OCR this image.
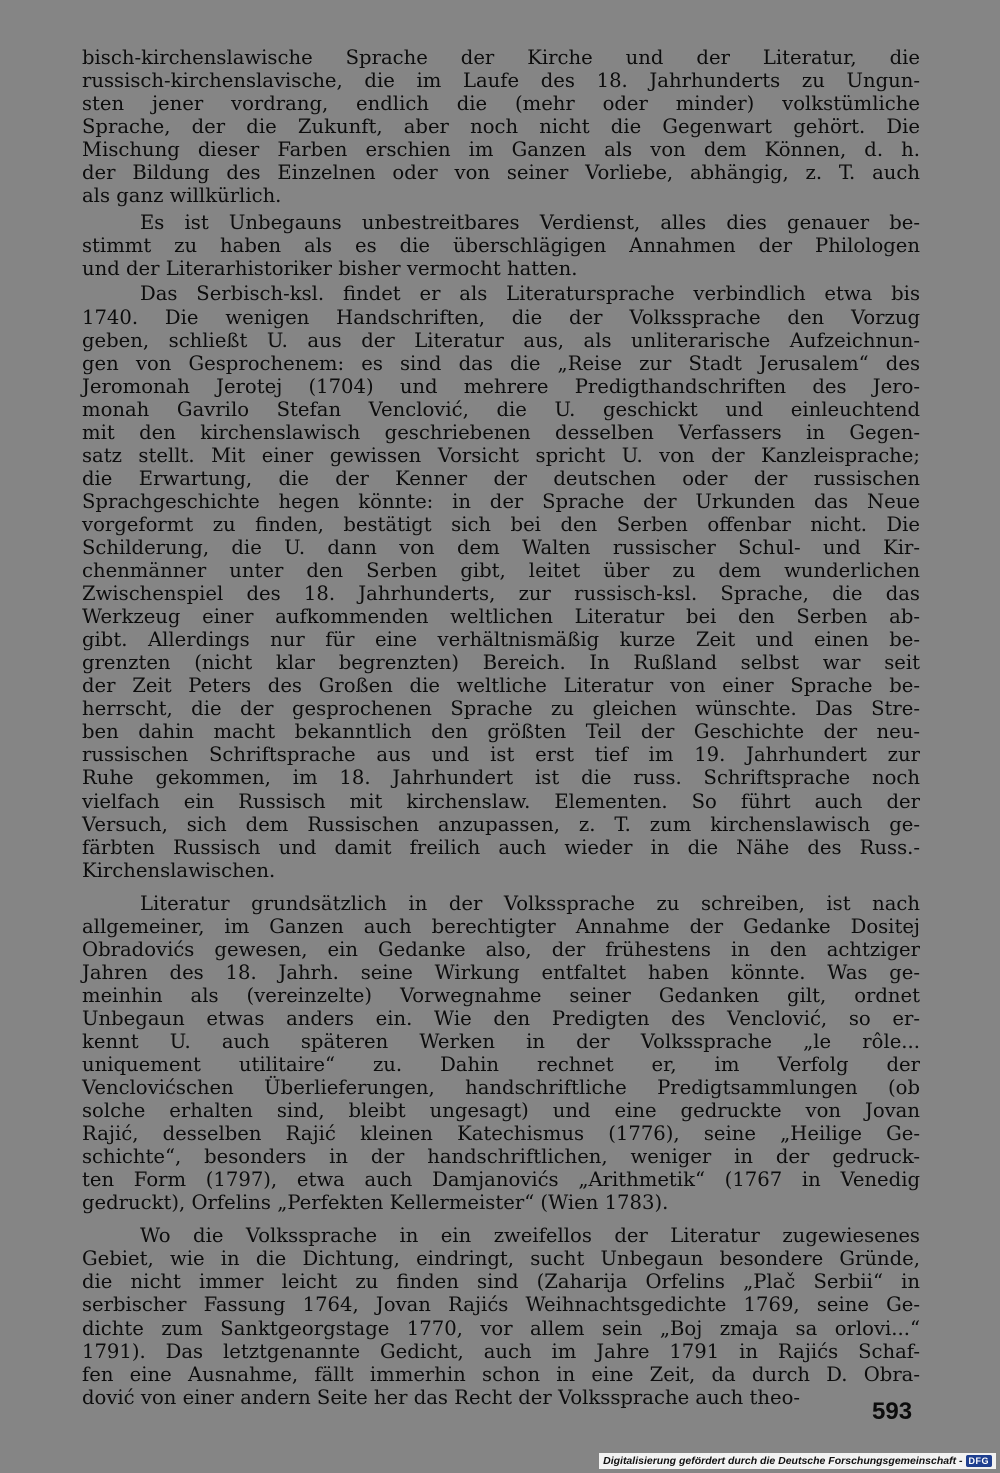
bisch-kirchenslawische Sprache der Kirche und der Literatur, die
russisch-kirchenslavische, die im Laufe des 18. Jahrhunderts zu Ungun-
sten jener vordrang, endlich die (mehr oder minder) volkstümliche
Sprache, der die Zukunft, aber noch nicht die Gegenwart gehört. Die
Mischung dieser Farben erschien im Ganzen als von dem Können, d. h.
der Bildung des Einzelnen oder von seiner Vorliebe, abhängig, z. T. auch
als ganz willkürlich.

Es ist Unbegauns unbestreitbares Verdienst, alles dies genauer be-
stimmt zu haben als es die überschlägigen Annahmen der Philologen
und der Literarhistoriker bisher vermocht hatten.

Das Serbisch-ksl. findet er als Literatursprache verbindlich etwa bis
1740. Die wenigen Handschriften, die der Volkssprache den Vorzug
geben, schließt U. aus der Literatur aus, als unliterarische Aufzeichnun-
gen von Gesprochenem: es sind das die „Reise zur Stadt Jerusalem“ des
Jeromonah Jerotej (1704) und mehrere Predigthandschriften des Jero-
monah Gavrilo Stefan Venclović, die U. geschickt und einleuchtend
mit den kirchenslawisch geschriebenen desselben Verfassers in Gegen-
satz stellt. Mit einer gewissen Vorsicht spricht U. von der Kanzleisprache;
die Erwartung, die der Kenner der deutschen oder der russischen
Sprachgeschichte hegen könnte: in der Sprache der Urkunden das Neue
vorgeformt zu finden, bestätigt sich bei den Serben offenbar nicht. Die
Schilderung, die U. dann von dem Walten russischer Schul- und Kir-
chenmänner unter den Serben gibt, leitet über zu dem wunderlichen
Zwischenspiel des 18. Jahrhunderts, zur russisch-ksl. Sprache, die das
Werkzeug einer aufkommenden weltlichen Literatur bei den Serben ab-
gibt. Allerdings nur für eine verhältnismäßig kurze Zeit und einen be-
grenzten (nicht klar begrenzten) Bereich. In Rußland selbst war seit
der Zeit Peters des Großen die weltliche Literatur von einer Sprache be-
herrscht, die der gesprochenen Sprache zu gleichen wünschte. Das Stre-
ben dahin macht bekanntlich den größten Teil der Geschichte der neu-
russischen Schriftsprache aus und ist erst tief im 19. Jahrhundert zur
Ruhe gekommen, im 18. Jahrhundert ist die russ. Schriftsprache noch
vielfach ein Russisch mit kirchenslaw. Elementen. So führt auch der
Versuch, sich dem Russischen anzupassen, z. T. zum kirchenslawisch ge-
färbten Russisch und damit freilich auch wieder in die Nähe des Russ.-
Kirchenslawischen.

Literatur grundsätzlich in der Volkssprache zu schreiben, ist nach
allgemeiner, im Ganzen auch berechtigter Annahme der Gedanke Dositej
Obradovićs gewesen, ein Gedanke also, der frühestens in den achtziger
Jahren des 18. Jahrh. seine Wirkung entfaltet haben könnte. Was ge-
meinhin als (vereinzelte) Vorwegnahme seiner Gedanken gilt, ordnet
Unbegaun etwas anders ein. Wie den Predigten des Venclović, so er-
kennt U. auch späteren Werken in der Volkssprache „le rôle...
uniquement utilitaire“ zu. Dahin rechnet er, im Verfolg der
Venclovićschen Überlieferungen, handschriftliche Predigtsammlungen (ob
solche erhalten sind, bleibt ungesagt) und eine gedruckte von Jovan
Rajić, desselben Rajić kleinen Katechismus (1776), seine „Heilige Ge-
schichte“, besonders in der handschriftlichen, weniger in der gedruck-
ten Form (1797), etwa auch Damjanovićs „Arithmetik“ (1767 in Venedig
gedruckt), Orfelins „Perfekten Kellermeister“ (Wien 1783).

Wo die Volkssprache in ein zweifellos der Literatur zugewiesenes
Gebiet, wie in die Dichtung, eindringt, sucht Unbegaun besondere Gründe,
die nicht immer leicht zu finden sind (Zaharija Orfelins „Plač Serbii“ in
serbischer Fassung 1764, Jovan Rajićs Weihnachtsgedichte 1769, seine Ge-
dichte zum Sanktgeorgstage 1770, vor allem sein „Boj zmaja sa orlovi...“
1791). Das letztgenannte Gedicht, auch im Jahre 1791 in Rajićs Schaf-
fen eine Ausnahme, fällt immerhin schon in eine Zeit, da durch D. Obra-
dović von einer andern Seite her das Recht der Volkssprache auch theo-

593
Digitalisierung gefördert durch die Deutsche Forschungsgemeinschaft - DFG
